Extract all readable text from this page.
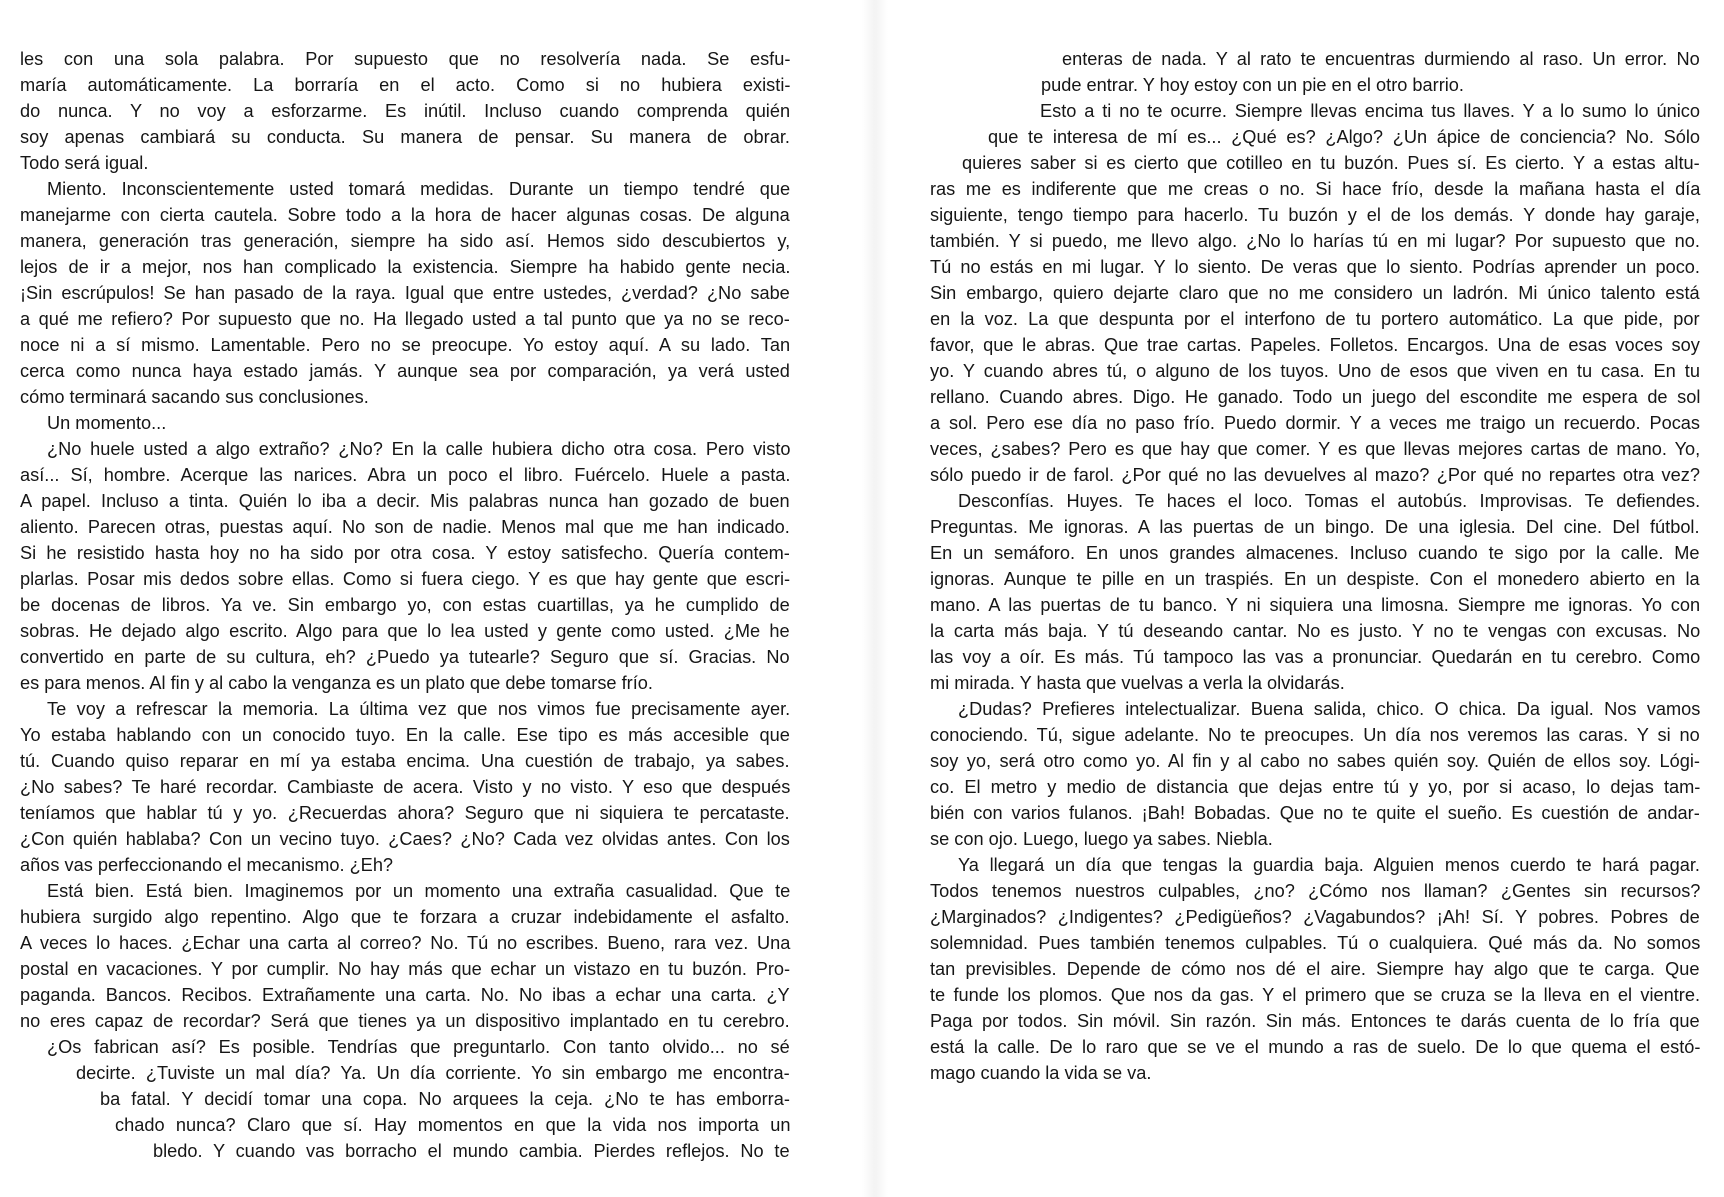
les con una sola palabra. Por supuesto que no resolvería nada. Se esfu-
maría automáticamente. La borraría en el acto. Como si no hubiera existi-
do nunca. Y no voy a esforzarme. Es inútil. Incluso cuando comprenda quién
soy apenas cambiará su conducta. Su manera de pensar. Su manera de obrar.
Todo será igual.
Miento. Inconscientemente usted tomará medidas. Durante un tiempo tendré que
manejarme con cierta cautela. Sobre todo a la hora de hacer algunas cosas. De alguna
manera, generación tras generación, siempre ha sido así. Hemos sido descubiertos y,
lejos de ir a mejor, nos han complicado la existencia. Siempre ha habido gente necia.
¡Sin escrúpulos! Se han pasado de la raya. Igual que entre ustedes, ¿verdad? ¿No sabe
a qué me refiero? Por supuesto que no. Ha llegado usted a tal punto que ya no se reco-
noce ni a sí mismo. Lamentable. Pero no se preocupe. Yo estoy aquí. A su lado. Tan
cerca como nunca haya estado jamás. Y aunque sea por comparación, ya verá usted
cómo terminará sacando sus conclusiones.
Un momento...
¿No huele usted a algo extraño? ¿No? En la calle hubiera dicho otra cosa. Pero visto
así... Sí, hombre. Acerque las narices. Abra un poco el libro. Fuércelo. Huele a pasta.
A papel. Incluso a tinta. Quién lo iba a decir. Mis palabras nunca han gozado de buen
aliento. Parecen otras, puestas aquí. No son de nadie. Menos mal que me han indicado.
Si he resistido hasta hoy no ha sido por otra cosa. Y estoy satisfecho. Quería contem-
plarlas. Posar mis dedos sobre ellas. Como si fuera ciego. Y es que hay gente que escri-
be docenas de libros. Ya ve. Sin embargo yo, con estas cuartillas, ya he cumplido de
sobras. He dejado algo escrito. Algo para que lo lea usted y gente como usted. ¿Me he
convertido en parte de su cultura, eh? ¿Puedo ya tutearle? Seguro que sí. Gracias. No
es para menos. Al fin y al cabo la venganza es un plato que debe tomarse frío.
Te voy a refrescar la memoria. La última vez que nos vimos fue precisamente ayer.
Yo estaba hablando con un conocido tuyo. En la calle. Ese tipo es más accesible que
tú. Cuando quiso reparar en mí ya estaba encima. Una cuestión de trabajo, ya sabes.
¿No sabes? Te haré recordar. Cambiaste de acera. Visto y no visto. Y eso que después
teníamos que hablar tú y yo. ¿Recuerdas ahora? Seguro que ni siquiera te percataste.
¿Con quién hablaba? Con un vecino tuyo. ¿Caes? ¿No? Cada vez olvidas antes. Con los
años vas perfeccionando el mecanismo. ¿Eh?
Está bien. Está bien. Imaginemos por un momento una extraña casualidad. Que te
hubiera surgido algo repentino. Algo que te forzara a cruzar indebidamente el asfalto.
A veces lo haces. ¿Echar una carta al correo? No. Tú no escribes. Bueno, rara vez. Una
postal en vacaciones. Y por cumplir. No hay más que echar un vistazo en tu buzón. Pro-
paganda. Bancos. Recibos. Extrañamente una carta. No. No ibas a echar una carta. ¿Y
no eres capaz de recordar? Será que tienes ya un dispositivo implantado en tu cerebro.
¿Os fabrican así? Es posible. Tendrías que preguntarlo. Con tanto olvido... no sé
decirte. ¿Tuviste un mal día? Ya. Un día corriente. Yo sin embargo me encontra-
ba fatal. Y decidí tomar una copa. No arquees la ceja. ¿No te has emborra-
chado nunca? Claro que sí. Hay momentos en que la vida nos importa un
bledo. Y cuando vas borracho el mundo cambia. Pierdes reflejos. No te
enteras de nada. Y al rato te encuentras durmiendo al raso. Un error. No
pude entrar. Y hoy estoy con un pie en el otro barrio.
Esto a ti no te ocurre. Siempre llevas encima tus llaves. Y a lo sumo lo único
que te interesa de mí es... ¿Qué es? ¿Algo? ¿Un ápice de conciencia? No. Sólo
quieres saber si es cierto que cotilleo en tu buzón. Pues sí. Es cierto. Y a estas altu-
ras me es indiferente que me creas o no. Si hace frío, desde la mañana hasta el día
siguiente, tengo tiempo para hacerlo. Tu buzón y el de los demás. Y donde hay garaje,
también. Y si puedo, me llevo algo. ¿No lo harías tú en mi lugar? Por supuesto que no.
Tú no estás en mi lugar. Y lo siento. De veras que lo siento. Podrías aprender un poco.
Sin embargo, quiero dejarte claro que no me considero un ladrón. Mi único talento está
en la voz. La que despunta por el interfono de tu portero automático. La que pide, por
favor, que le abras. Que trae cartas. Papeles. Folletos. Encargos. Una de esas voces soy
yo. Y cuando abres tú, o alguno de los tuyos. Uno de esos que viven en tu casa. En tu
rellano. Cuando abres. Digo. He ganado. Todo un juego del escondite me espera de sol
a sol. Pero ese día no paso frío. Puedo dormir. Y a veces me traigo un recuerdo. Pocas
veces, ¿sabes? Pero es que hay que comer. Y es que llevas mejores cartas de mano. Yo,
sólo puedo ir de farol. ¿Por qué no las devuelves al mazo? ¿Por qué no repartes otra vez?
Desconfías. Huyes. Te haces el loco. Tomas el autobús. Improvisas. Te defiendes.
Preguntas. Me ignoras. A las puertas de un bingo. De una iglesia. Del cine. Del fútbol.
En un semáforo. En unos grandes almacenes. Incluso cuando te sigo por la calle. Me
ignoras. Aunque te pille en un traspiés. En un despiste. Con el monedero abierto en la
mano. A las puertas de tu banco. Y ni siquiera una limosna. Siempre me ignoras. Yo con
la carta más baja. Y tú deseando cantar. No es justo. Y no te vengas con excusas. No
las voy a oír. Es más. Tú tampoco las vas a pronunciar. Quedarán en tu cerebro. Como
mi mirada. Y hasta que vuelvas a verla la olvidarás.
¿Dudas? Prefieres intelectualizar. Buena salida, chico. O chica. Da igual. Nos vamos
conociendo. Tú, sigue adelante. No te preocupes. Un día nos veremos las caras. Y si no
soy yo, será otro como yo. Al fin y al cabo no sabes quién soy. Quién de ellos soy. Lógi-
co. El metro y medio de distancia que dejas entre tú y yo, por si acaso, lo dejas tam-
bién con varios fulanos. ¡Bah! Bobadas. Que no te quite el sueño. Es cuestión de andar-
se con ojo. Luego, luego ya sabes. Niebla.
Ya llegará un día que tengas la guardia baja. Alguien menos cuerdo te hará pagar.
Todos tenemos nuestros culpables, ¿no? ¿Cómo nos llaman? ¿Gentes sin recursos?
¿Marginados? ¿Indigentes? ¿Pedigüeños? ¿Vagabundos? ¡Ah! Sí. Y pobres. Pobres de
solemnidad. Pues también tenemos culpables. Tú o cualquiera. Qué más da. No somos
tan previsibles. Depende de cómo nos dé el aire. Siempre hay algo que te carga. Que
te funde los plomos. Que nos da gas. Y el primero que se cruza se la lleva en el vientre.
Paga por todos. Sin móvil. Sin razón. Sin más. Entonces te darás cuenta de lo fría que
está la calle. De lo raro que se ve el mundo a ras de suelo. De lo que quema el estó-
mago cuando la vida se va.
